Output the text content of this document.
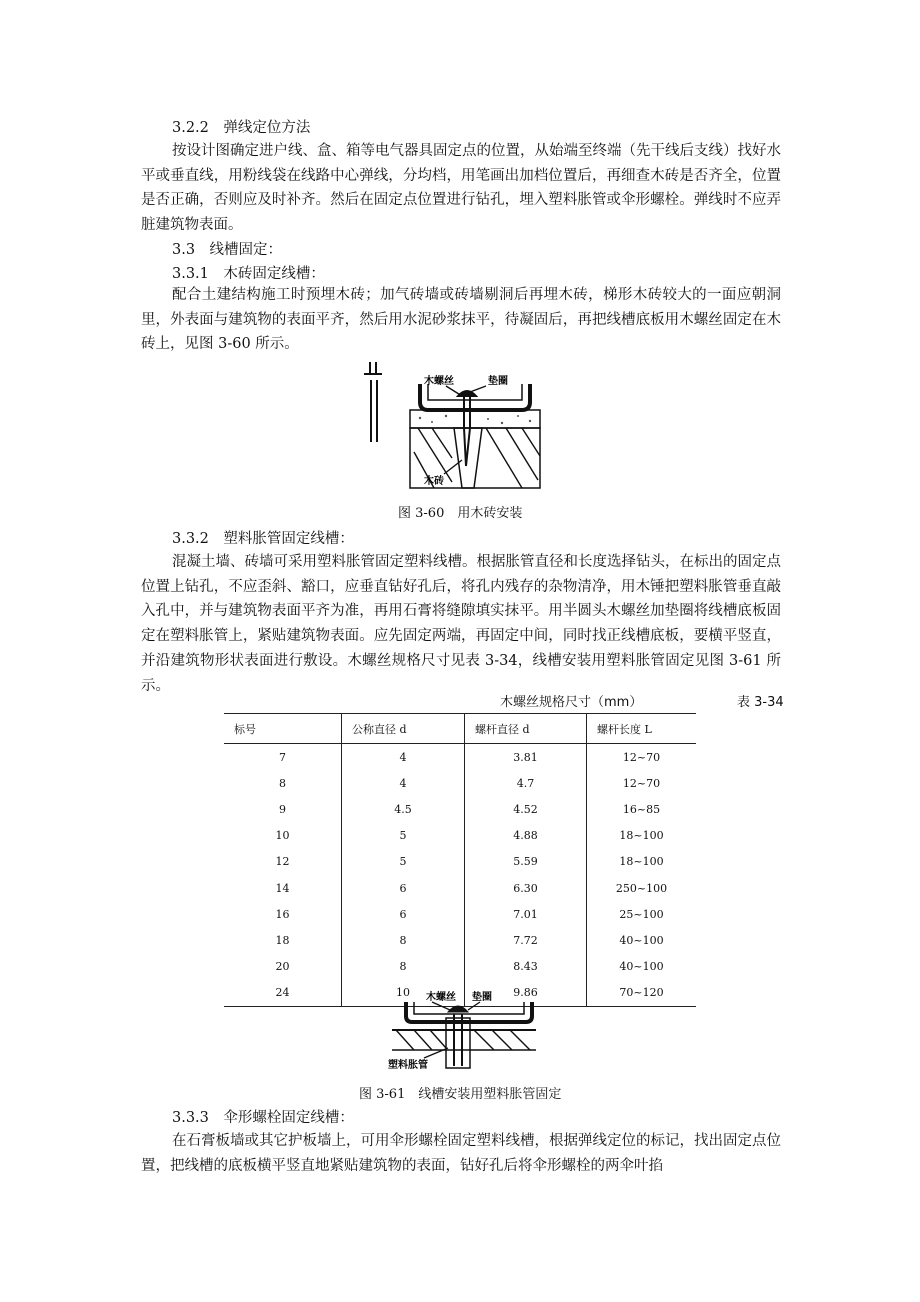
3.2.2　弹线定位方法
按设计图确定进户线、盒、箱等电气器具固定点的位置，从始端至终端（先干线后支线）找好水平或垂直线，用粉线袋在线路中心弹线，分均档，用笔画出加档位置后，再细查木砖是否齐全，位置是否正确，否则应及时补齐。然后在固定点位置进行钻孔，埋入塑料胀管或伞形螺栓。弹线时不应弄脏建筑物表面。
3.3　线槽固定：
3.3.1　木砖固定线槽：
配合土建结构施工时预埋木砖；加气砖墙或砖墙剔洞后再埋木砖，梯形木砖较大的一面应朝洞里，外表面与建筑物的表面平齐，然后用水泥砂浆抹平，待凝固后，再把线槽底板用木螺丝固定在木砖上，见图 3-60 所示。
木螺丝	垫圈
木砖
图 3-60　用木砖安装
3.3.2　塑料胀管固定线槽：
混凝土墙、砖墙可采用塑料胀管固定塑料线槽。根据胀管直径和长度选择钻头，在标出的固定点位置上钻孔，不应歪斜、豁口，应垂直钻好孔后，将孔内残存的杂物清净，用木锤把塑料胀管垂直敲入孔中，并与建筑物表面平齐为准，再用石膏将缝隙填实抹平。用半圆头木螺丝加垫圈将线槽底板固定在塑料胀管上，紧贴建筑物表面。应先固定两端，再固定中间，同时找正线槽底板，要横平竖直，并沿建筑物形状表面进行敷设。木螺丝规格尺寸见表 3-34，线槽安装用塑料胀管固定见图 3-61 所示。
木螺丝规格尺寸（mm）	表 3-34
标号	公称直径 d	螺杆直径 d	螺杆长度 L
7	4	3.81	12~70
8	4	4.7	12~70
9	4.5	4.52	16~85
10	5	4.88	18~100
12	5	5.59	18~100
14	6	6.30	250~100
16	6	7.01	25~100
18	8	7.72	40~100
20	8	8.43	40~100
24	10	9.86	70~120
木螺丝 垫圈
塑料胀管
图 3-61　线槽安装用塑料胀管固定
3.3.3　伞形螺栓固定线槽：
在石膏板墙或其它护板墙上，可用伞形螺栓固定塑料线槽，根据弹线定位的标记，找出固定点位置，把线槽的底板横平竖直地紧贴建筑物的表面，钻好孔后将伞形螺栓的两伞叶掐
